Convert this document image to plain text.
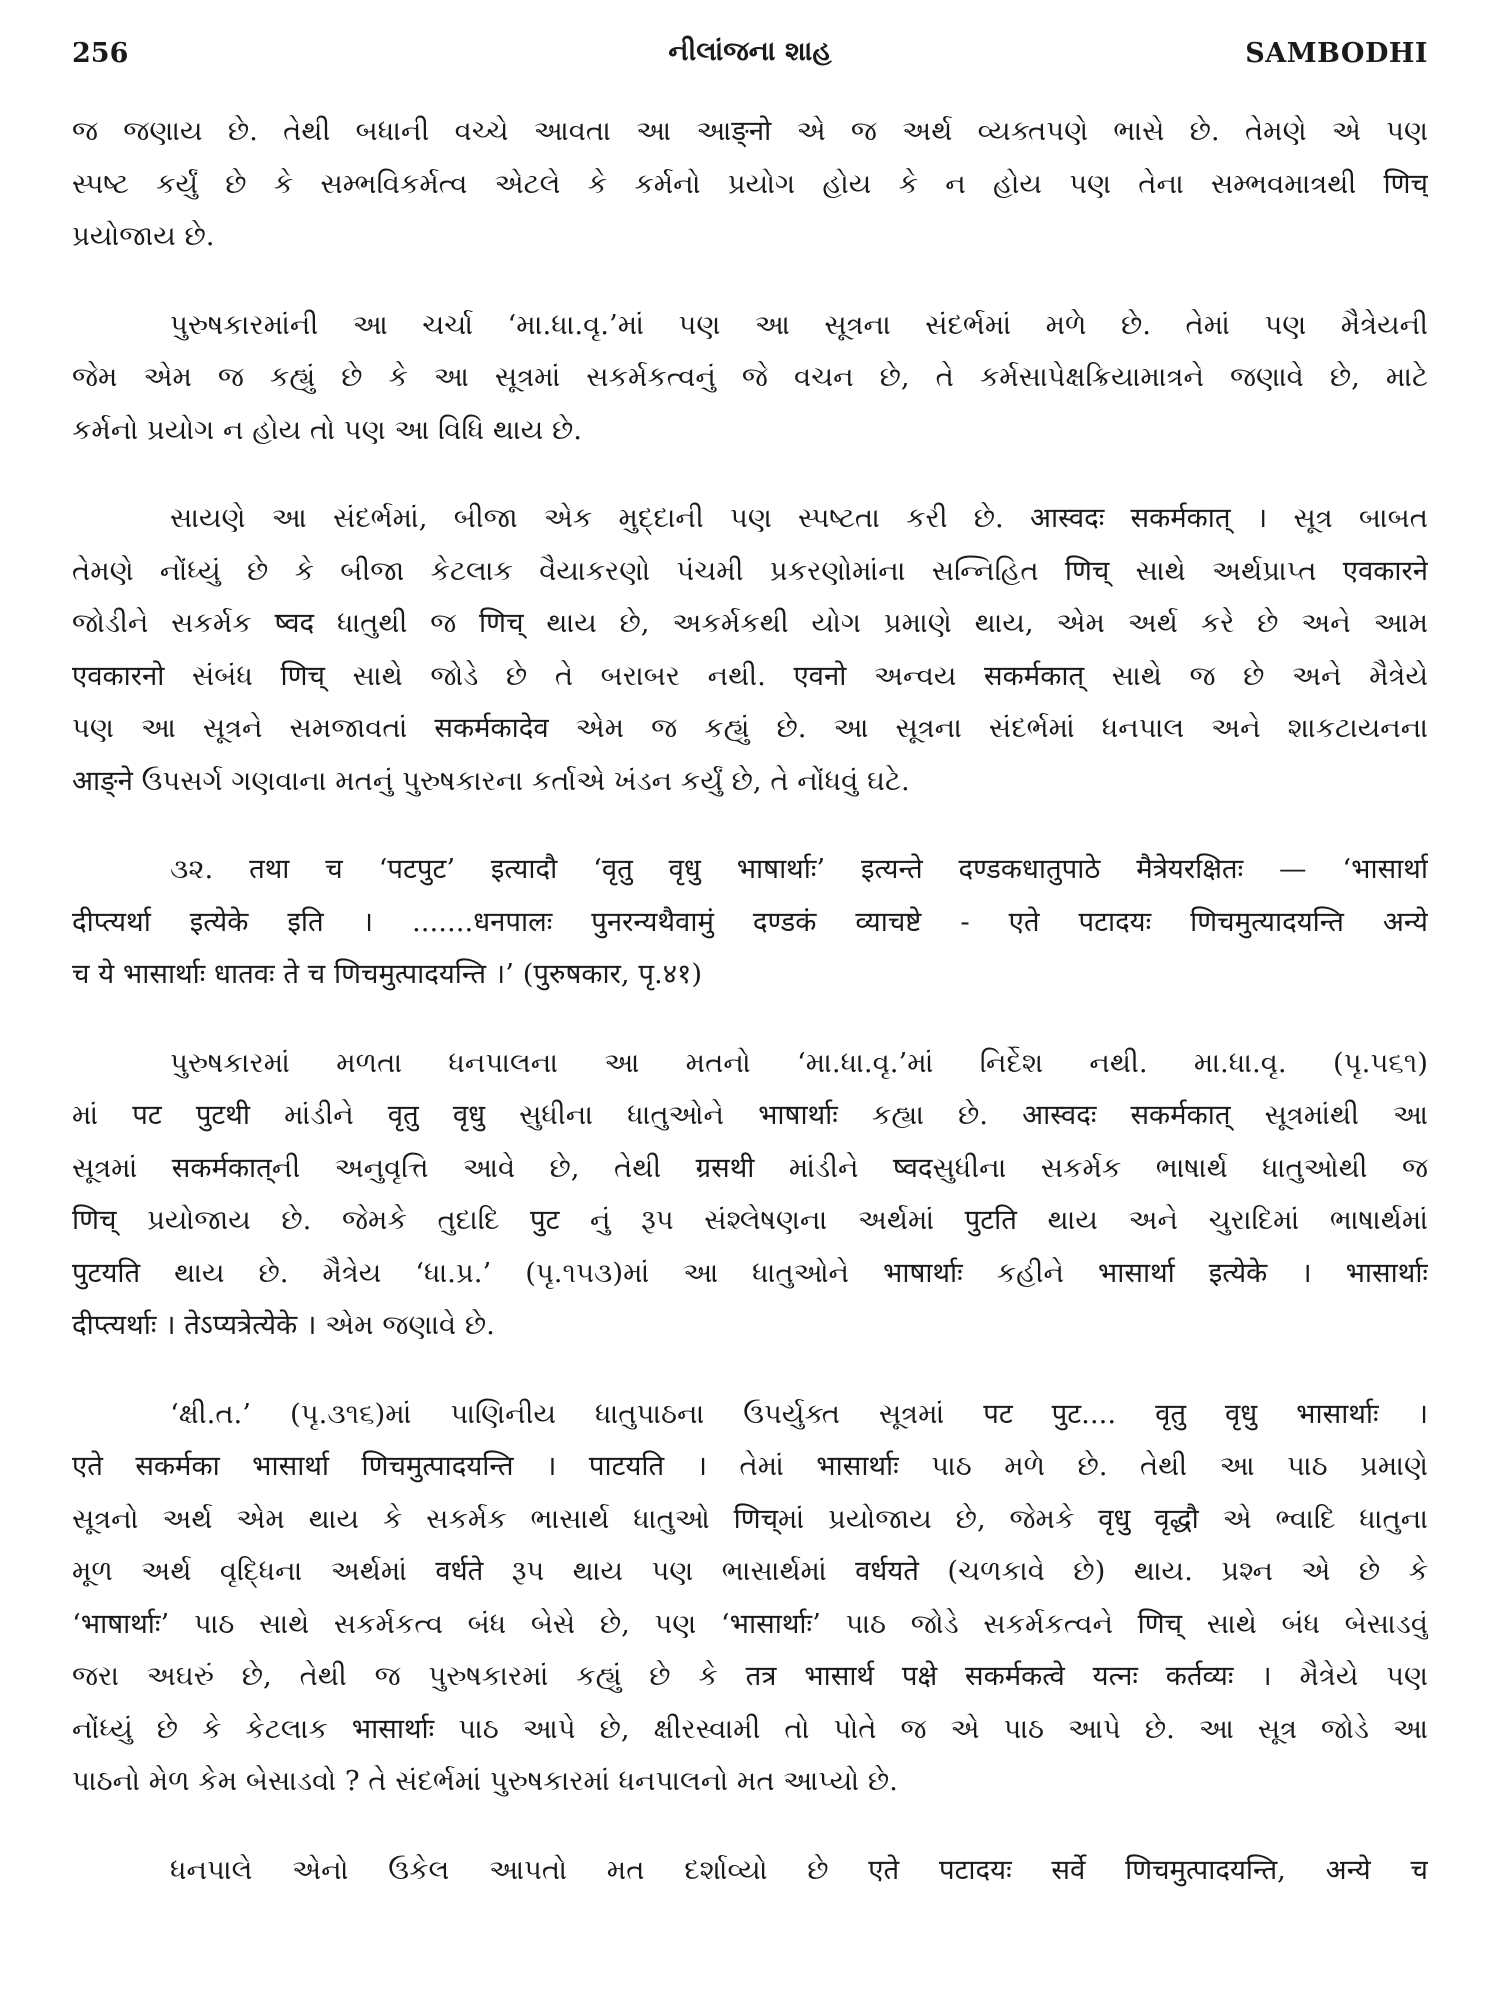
256	નીલાંજના શાહ	SAMBODHI

જ જણાય છે. તેથી બધાની વચ્ચે આવતા આ આङ्नो એ જ અર્થ વ્યક્તપણે ભાસે છે. તેમણે એ પણ
સ્પષ્ટ કર્યું છે કે સમ્ભવિકર્મત્વ એટલે કે કર્મનો પ્રયોગ હોય કે ન હોય પણ તેના સમ્ભવમાત્રથી णिच्
પ્રયોજાય છે.

પુરુષકારમાંની આ ચર્ચા ‘મા.ધા.વૃ.’માં પણ આ સૂત્રના સંદર્ભમાં મળે છે. તેમાં પણ મૈત્રેયની
જેમ એમ જ કહ્યું છે કે આ સૂત્રમાં સકર્મકત્વનું જે વચન છે, તે કર્મસાપેક્ષક્રિયામાત્રને જણાવે છે, માટે
કર્મનો પ્રયોગ ન હોય તો પણ આ વિધિ થાય છે.

સાયણે આ સંદર્ભમાં, બીજા એક મુદ્દાની પણ સ્પષ્ટતા કરી છે. आस्वदः सकर्मकात् । સૂત્ર બાબત
તેમણે નોંધ્યું છે કે બીજા કેટલાક વૈયાકરણો પંચમી પ્રકરણોમાંના સન્નિહિત णिच् સાથે અર્થપ્રાપ્ત एवकारने
જોડીને સકર્મક ष्वद ધાતુથી જ णिच् થાય છે, અકર્મકથી યોગ પ્રમાણે થાય, એમ અર્થ કરે છે અને આમ
एवकारनो સંબંધ णिच् સાથે જોડે છે તે બરાબર નથી. एवनो અન્વય सकर्मकात् સાથે જ છે અને મૈત્રેયે
પણ આ સૂત્રને સમજાવતાં सकर्मकादेव એમ જ કહ્યું છે. આ સૂત્રના સંદર્ભમાં ધનપાલ અને શાકટાયનના
आङ्ने ઉપસર્ગ ગણવાના મતનું પુરુષકારના કર્તાએ ખંડન કર્યું છે, તે નોંધવું ઘટે.

૩૨. तथा च ‘पटपुट’ इत्यादौ ‘वृतु वृधु भाषार्थाः’ इत्यन्ते दण्डकधातुपाठे मैत्रेयरक्षितः — ‘भासार्था
दीप्त्यर्था इत्येके इति । .......धनपालः पुनरन्यथैवामुं दण्डकं व्याचष्टे - एते पटादयः णिचमुत्यादयन्ति अन्ये
च ये भासार्थाः धातवः ते च णिचमुत्पादयन्ति ।’ (पुरुषकार, पृ.४१)

પુરુષકારમાં મળતા ધનપાલના આ મતનો ‘મા.ધા.વૃ.’માં નિર્દેશ નથી. મા.ધા.વૃ. (પૃ.૫૬૧)
માં पट पुटथी માંડીને वृतु वृधु સુધીના ધાતુઓને भाषार्थाः કહ્યા છે. आस्वदः सकर्मकात् સૂત્રમાંથી આ
સૂત્રમાં सकर्मकात्‌ની અનુવૃત્તિ આવે છે, તેથી ग्रसथी માંડીને ष्वदસુધીના સકર્મક ભાષાર્થ ધાતુઓથી જ
णिच् પ્રયોજાય છે. જેમકે તુદાદિ पुट નું રૂપ સંશ્લેષણના અર્થમાં पुटति થાય અને ચુરાદિમાં ભાષાર્થમાં
पुटयति થાય છે. મૈત્રેય ‘ધા.પ્ર.’ (પૃ.૧૫૩)માં આ ધાતુઓને भाषार्थाः કહીને भासार्था इत्येके । भासार्थाः
दीप्त्यर्थाः । तेऽप्यत्रेत्येके । એમ જણાવે છે.

‘ક્ષી.ત.’ (પૃ.૩૧૬)માં પાણિનીય ધાતુપાઠના ઉપર્યુક્ત સૂત્રમાં पट पुट.... वृतु वृधु भासार्थाः ।
एते सकर्मका भासार्था णिचमुत्पादयन्ति । पाटयति । તેમાં भासार्थाः પાઠ મળે છે. તેથી આ પાઠ પ્રમાણે
સૂત્રનો અર્થ એમ થાય કે સકર્મક ભાસાર્થ ધાતુઓ णिच्‌માં પ્રયોજાય છે, જેમકે वृधु वृद्धौ એ ભ્વાદિ ધાતુના
મૂળ અર્થ વૃદ્ધિના અર્થમાં वर्धते રૂપ થાય પણ ભાસાર્થમાં वर्धयते (ચળકાવે છે) થાય. પ્રશ્ન એ છે કે
‘भाषार्थाः’ પાઠ સાથે સકર્મકત્વ બંધ બેસે છે, પણ ‘भासार्थाः’ પાઠ જોડે સકર્મકત્વને णिच् સાથે બંધ બેસાડવું
જરા અઘરું છે, તેથી જ પુરુષકારમાં કહ્યું છે કે तत्र भासार्थ पक्षे सकर्मकत्वे यत्नः कर्तव्यः । મૈત્રેયે પણ
નોંધ્યું છે કે કેટલાક भासार्थाः પાઠ આપે છે, ક્ષીરસ્વામી તો પોતે જ એ પાઠ આપે છે. આ સૂત્ર જોડે આ
પાઠનો મેળ કેમ બેસાડવો ? તે સંદર્ભમાં પુરુષકારમાં ધનપાલનો મત આપ્યો છે.

ધનપાલે એનો ઉકેલ આપતો મત દર્શાવ્યો છે एते पटादयः सर्वे णिचमुत्पादयन्ति, अन्ये च
